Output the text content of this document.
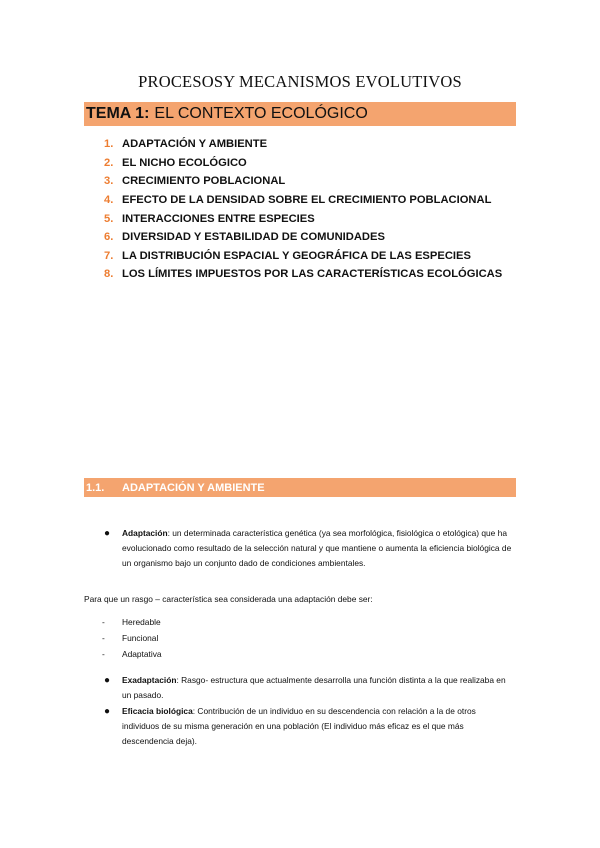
PROCESOSY MECANISMOS EVOLUTIVOS
TEMA 1: EL CONTEXTO ECOLÓGICO
1. ADAPTACIÓN Y AMBIENTE
2. EL NICHO ECOLÓGICO
3. CRECIMIENTO POBLACIONAL
4. EFECTO DE LA DENSIDAD SOBRE EL CRECIMIENTO POBLACIONAL
5. INTERACCIONES ENTRE ESPECIES
6. DIVERSIDAD Y ESTABILIDAD DE COMUNIDADES
7. LA DISTRIBUCIÓN ESPACIAL Y GEOGRÁFICA DE LAS ESPECIES
8. LOS LÍMITES IMPUESTOS POR LAS CARACTERÍSTICAS ECOLÓGICAS
1.1.	ADAPTACIÓN Y AMBIENTE
●	Adaptación: un determinada característica genética (ya sea morfológica, fisiológica o etológica) que ha evolucionado como resultado de la selección natural y que mantiene o aumenta la eficiencia biológica de un organismo bajo un conjunto dado de condiciones ambientales.
Para que un rasgo – característica sea considerada una adaptación debe ser:
-	Heredable
-	Funcional
-	Adaptativa
●	Exadaptación: Rasgo- estructura que actualmente desarrolla una función distinta a la que realizaba en un pasado.
●	Eficacia biológica: Contribución de un individuo en su descendencia con relación a la de otros individuos de su misma generación en una población (El individuo más eficaz es el que más descendencia deja).
